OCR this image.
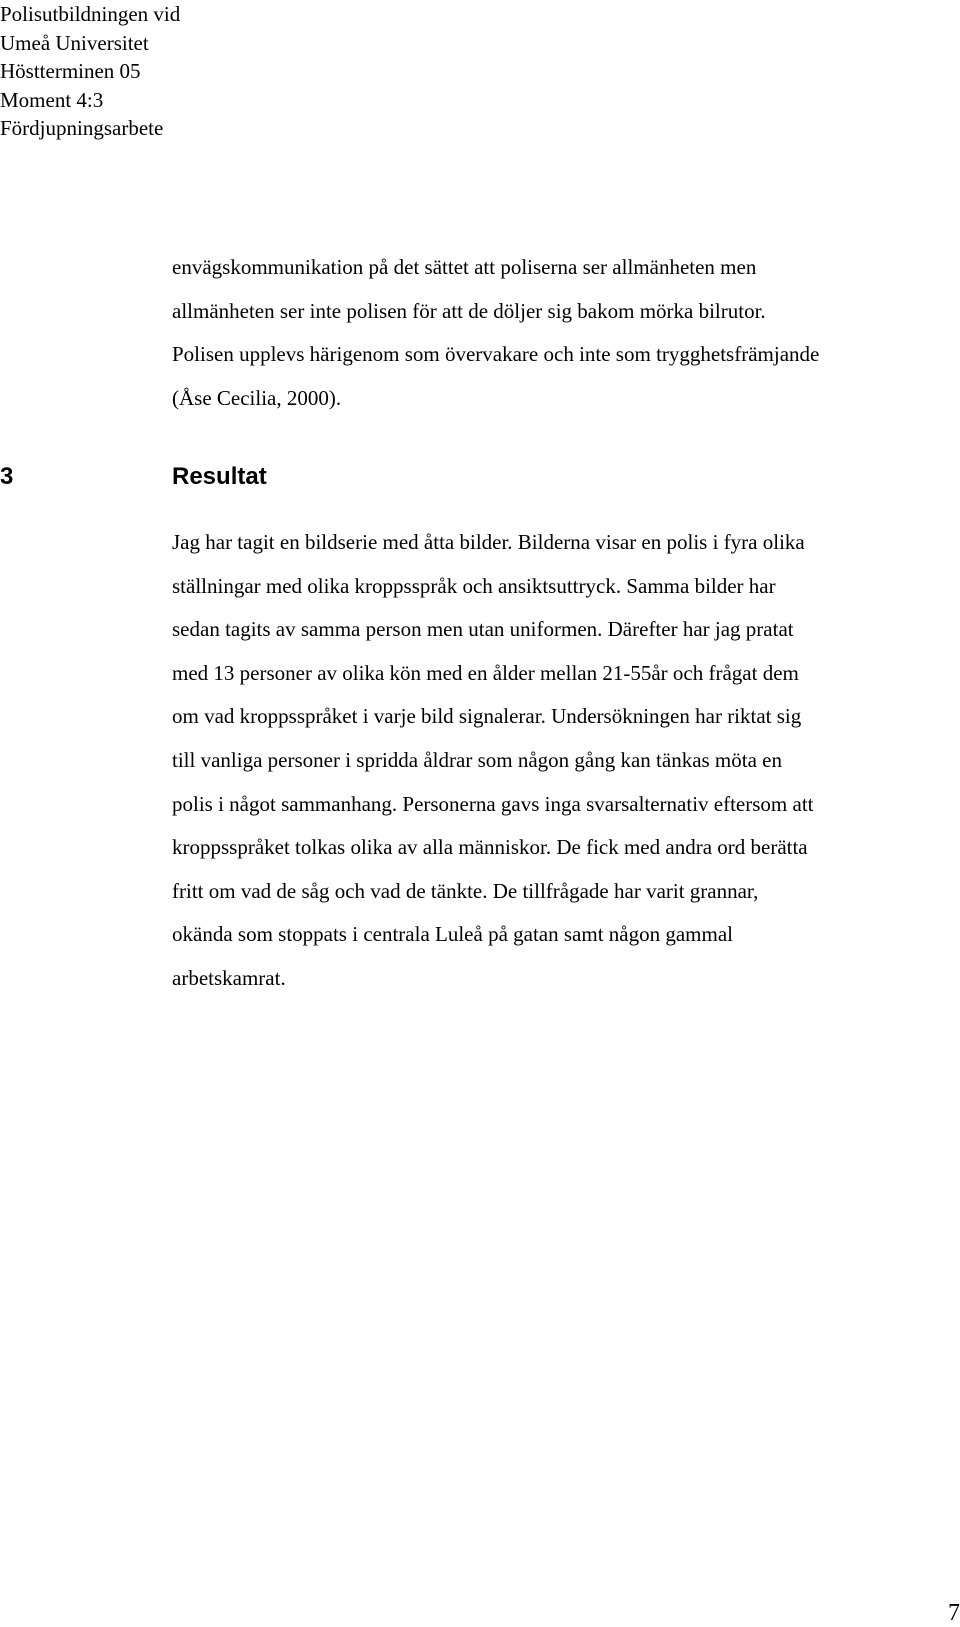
Polisutbildningen vid
Umeå Universitet
Höstterminen 05
Moment 4:3
Fördjupningsarbete
envägskommunikation på det sättet att poliserna ser allmänheten men
allmänheten ser inte polisen för att de döljer sig bakom mörka bilrutor.
Polisen upplevs härigenom som övervakare och inte som trygghetsfrämjande
(Åse Cecilia, 2000).
3	Resultat
Jag har tagit en bildserie med åtta bilder. Bilderna visar en polis i fyra olika
ställningar med olika kroppsspråk och ansiktsuttryck. Samma bilder har
sedan tagits av samma person men utan uniformen. Därefter har jag pratat
med 13 personer av olika kön med en ålder mellan 21-55år och frågat dem
om vad kroppsspråket i varje bild signalerar. Undersökningen har riktat sig
till vanliga personer i spridda åldrar som någon gång kan tänkas möta en
polis i något sammanhang. Personerna gavs inga svarsalternativ eftersom att
kroppsspråket tolkas olika av alla människor. De fick med andra ord berätta
fritt om vad de såg och vad de tänkte. De tillfrågade har varit grannar,
okända som stoppats i centrala Luleå på gatan samt någon gammal
arbetskamrat.
7
